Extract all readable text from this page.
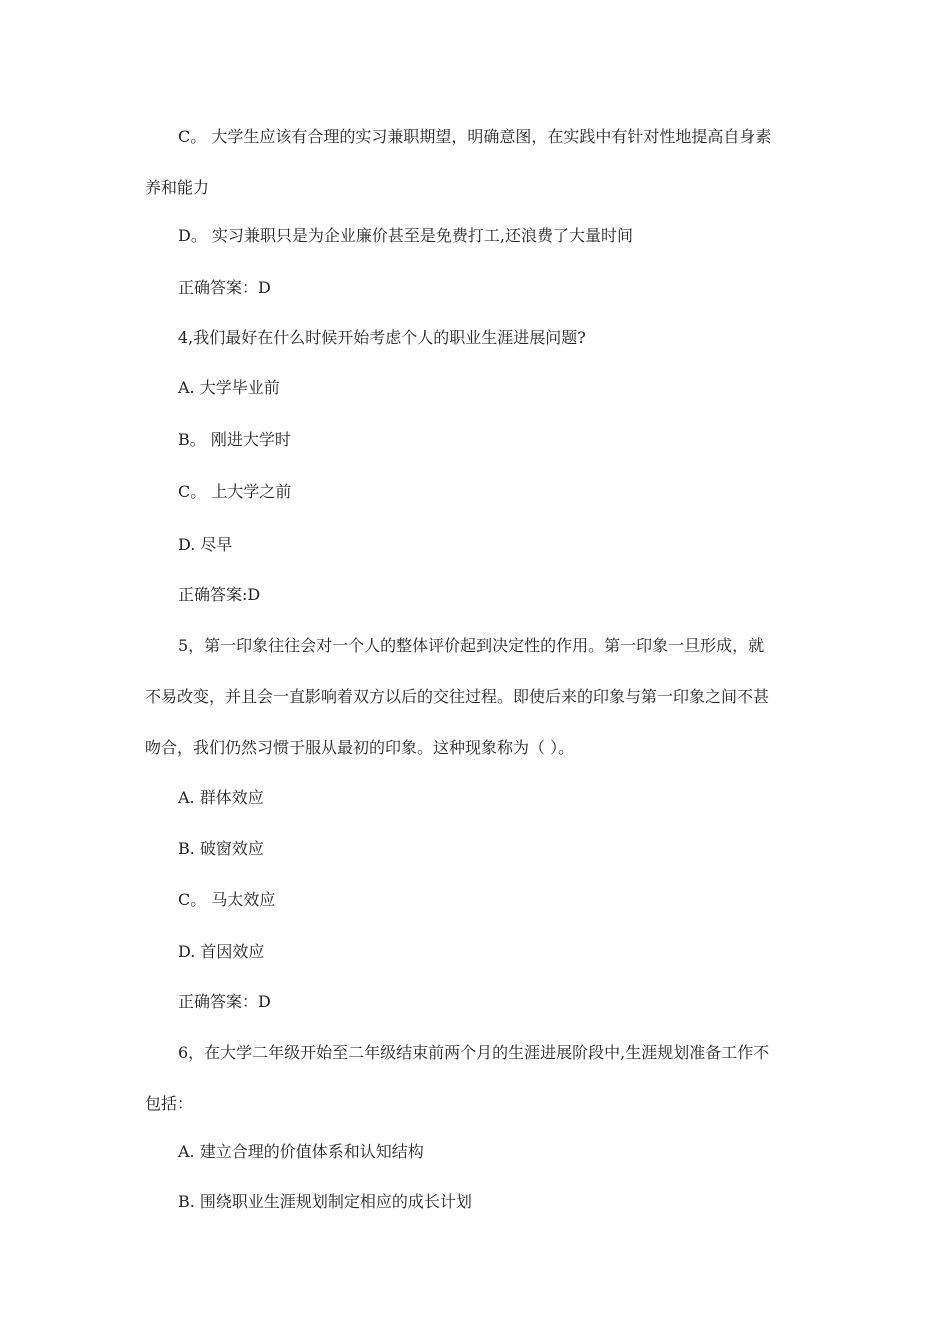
C。 大学生应该有合理的实习兼职期望，明确意图，在实践中有针对性地提高自身素
养和能力
D。 实习兼职只是为企业廉价甚至是免费打工,还浪费了大量时间
正确答案：D
4,我们最好在什么时候开始考虑个人的职业生涯进展问题?
A. 大学毕业前
B。 刚进大学时
C。 上大学之前
D. 尽早
正确答案:D
5，第一印象往往会对一个人的整体评价起到决定性的作用。第一印象一旦形成，就
不易改变，并且会一直影响着双方以后的交往过程。即使后来的印象与第一印象之间不甚
吻合，我们仍然习惯于服从最初的印象。这种现象称为（ ）。
A. 群体效应
B. 破窗效应
C。 马太效应
D. 首因效应
正确答案：D
6，在大学二年级开始至二年级结束前两个月的生涯进展阶段中,生涯规划准备工作不
包括：
A. 建立合理的价值体系和认知结构
B. 围绕职业生涯规划制定相应的成长计划
